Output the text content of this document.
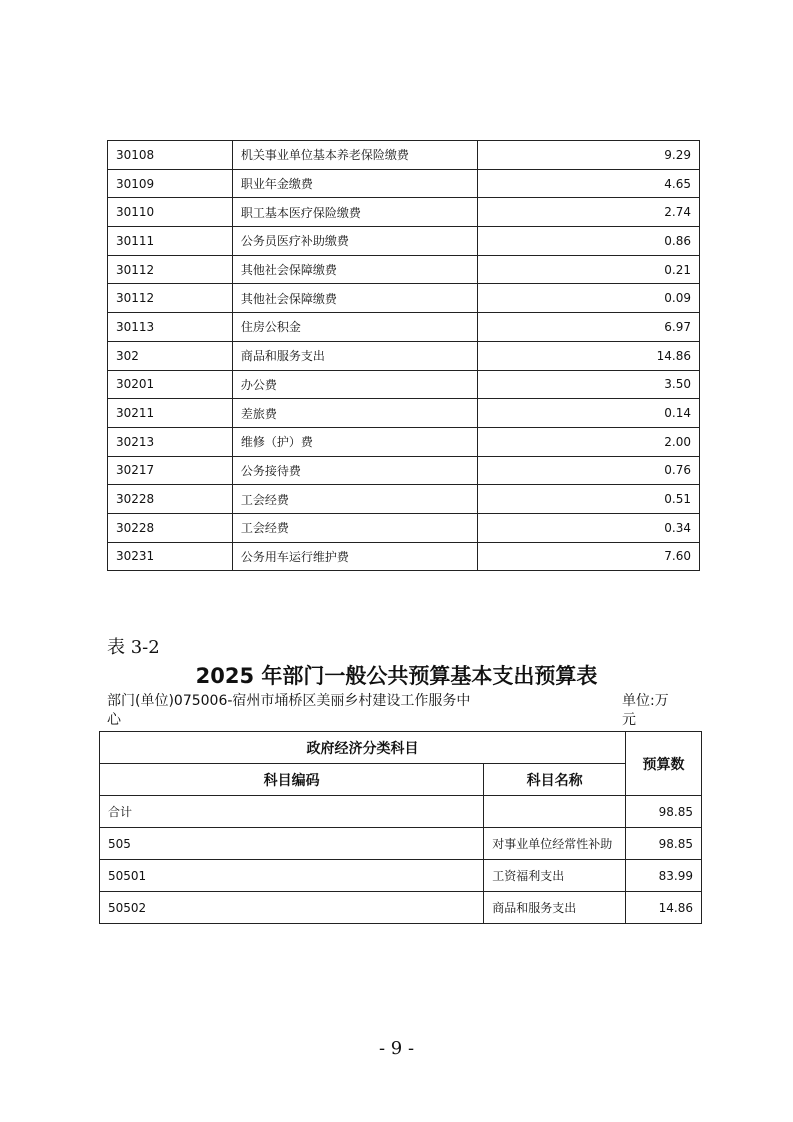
30108	机关事业单位基本养老保险缴费	9.29
30109	职业年金缴费	4.65
30110	职工基本医疗保险缴费	2.74
30111	公务员医疗补助缴费	0.86
30112	其他社会保障缴费	0.21
30112	其他社会保障缴费	0.09
30113	住房公积金	6.97
302	商品和服务支出	14.86
30201	办公费	3.50
30211	差旅费	0.14
30213	维修（护）费	2.00
30217	公务接待费	0.76
30228	工会经费	0.51
30228	工会经费	0.34
30231	公务用车运行维护费	7.60
表 3-2
2025 年部门一般公共预算基本支出预算表
部门(单位)075006-宿州市埇桥区美丽乡村建设工作服务中心
单位:万元
政府经济分类科目		预算数
科目编码	科目名称	
合计		98.85
505	对事业单位经常性补助	98.85
50501	工资福利支出	83.99
50502	商品和服务支出	14.86
- 9 -
